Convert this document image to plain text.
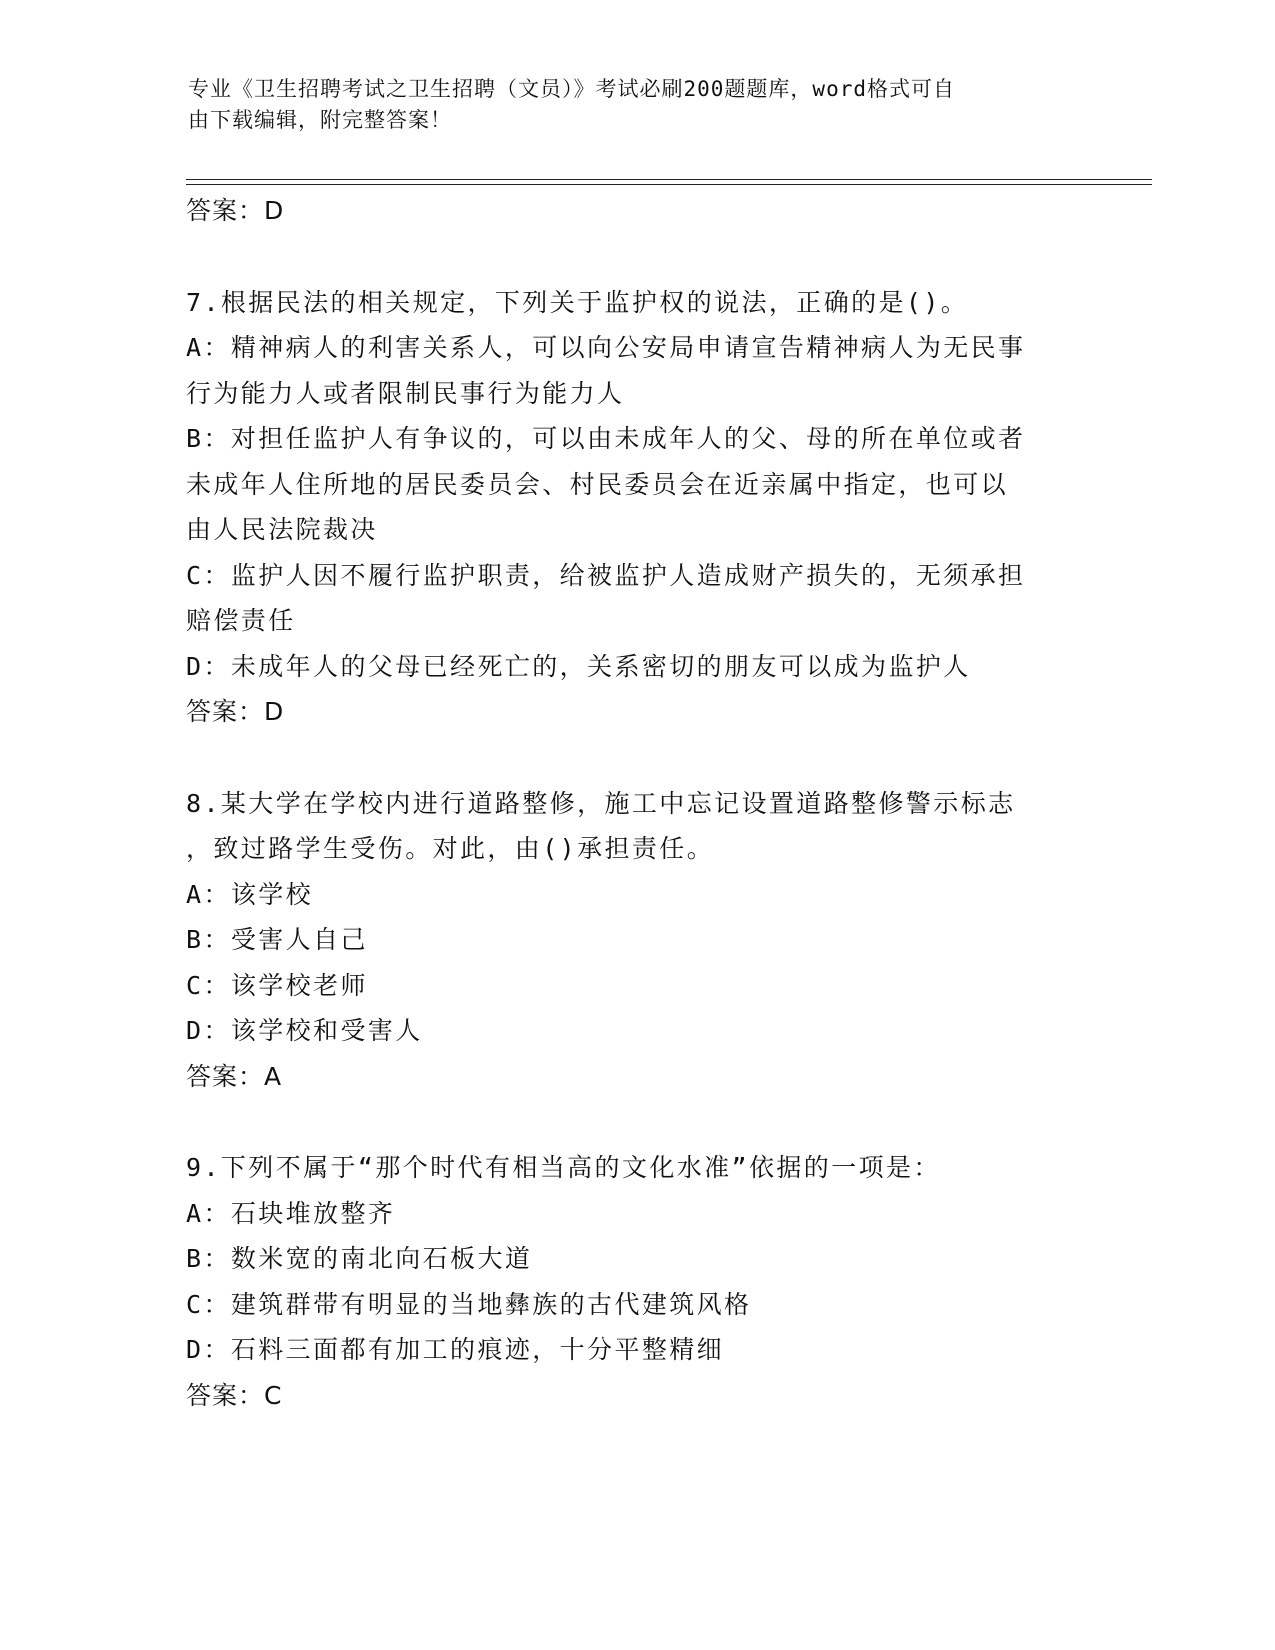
专业《卫生招聘考试之卫生招聘（文员）》考试必刷200题题库，word格式可自
由下载编辑，附完整答案！
答案：D
7.根据民法的相关规定，下列关于监护权的说法，正确的是()。
A：精神病人的利害关系人，可以向公安局申请宣告精神病人为无民事
行为能力人或者限制民事行为能力人
B：对担任监护人有争议的，可以由未成年人的父、母的所在单位或者
未成年人住所地的居民委员会、村民委员会在近亲属中指定，也可以
由人民法院裁决
C：监护人因不履行监护职责，给被监护人造成财产损失的，无须承担
赔偿责任
D：未成年人的父母已经死亡的，关系密切的朋友可以成为监护人
答案：D
8.某大学在学校内进行道路整修，施工中忘记设置道路整修警示标志
，致过路学生受伤。对此，由()承担责任。
A：该学校
B：受害人自己
C：该学校老师
D：该学校和受害人
答案：A
9.下列不属于“那个时代有相当高的文化水准”依据的一项是：
A：石块堆放整齐
B：数米宽的南北向石板大道
C：建筑群带有明显的当地彝族的古代建筑风格
D：石料三面都有加工的痕迹，十分平整精细
答案：C
